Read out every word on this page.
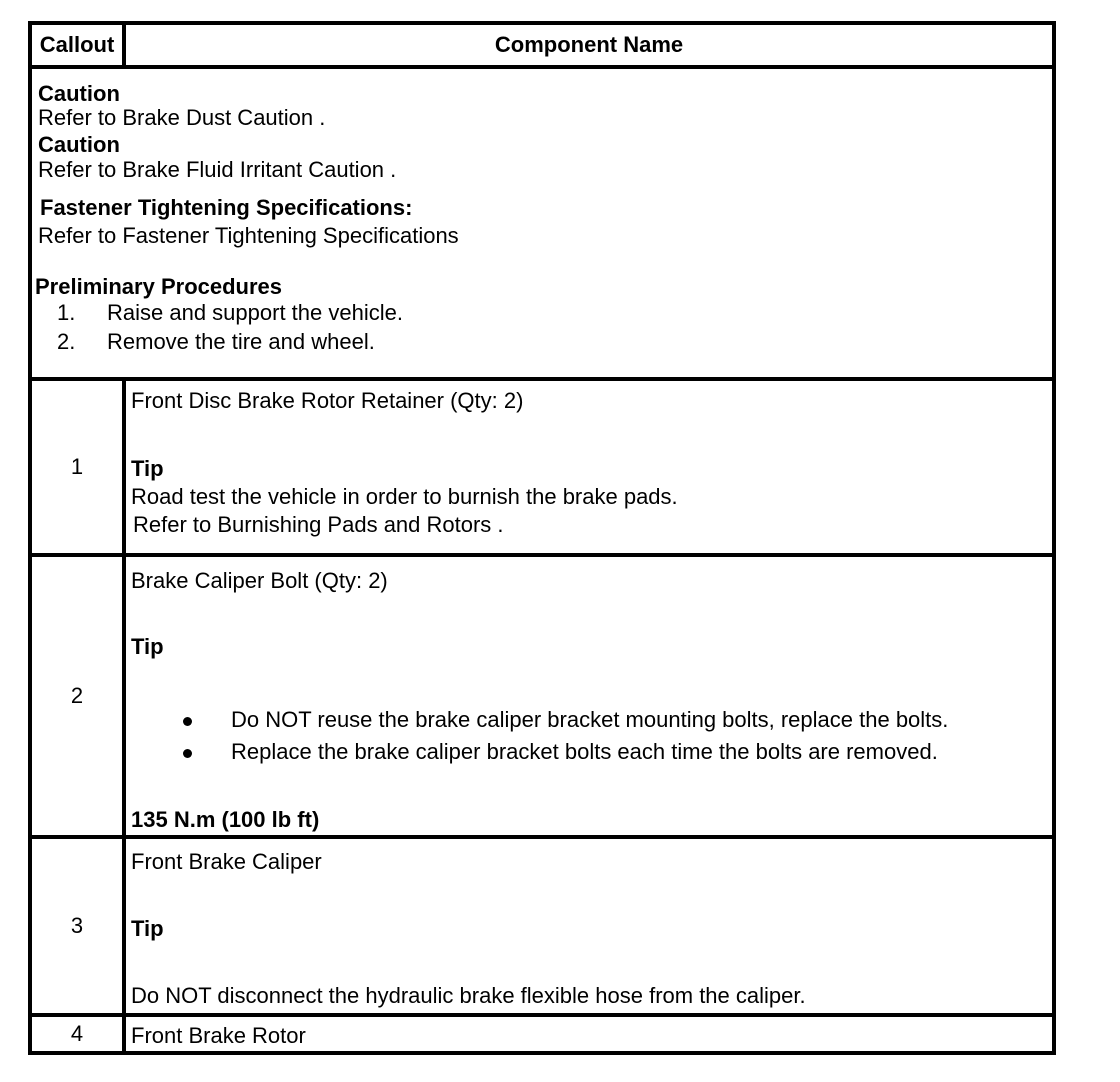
Callout	Component Name
Caution
Refer to Brake Dust Caution .
Caution
Refer to Brake Fluid Irritant Caution .
Fastener Tightening Specifications:
Refer to Fastener Tightening Specifications
Preliminary Procedures
1. Raise and support the vehicle.
2. Remove the tire and wheel.
1
Front Disc Brake Rotor Retainer (Qty: 2)
Tip
Road test the vehicle in order to burnish the brake pads.
Refer to Burnishing Pads and Rotors .
2
Brake Caliper Bolt (Qty: 2)
Tip
Do NOT reuse the brake caliper bracket mounting bolts, replace the bolts.
Replace the brake caliper bracket bolts each time the bolts are removed.
135 N.m (100 lb ft)
3
Front Brake Caliper
Tip
Do NOT disconnect the hydraulic brake flexible hose from the caliper.
4	Front Brake Rotor
